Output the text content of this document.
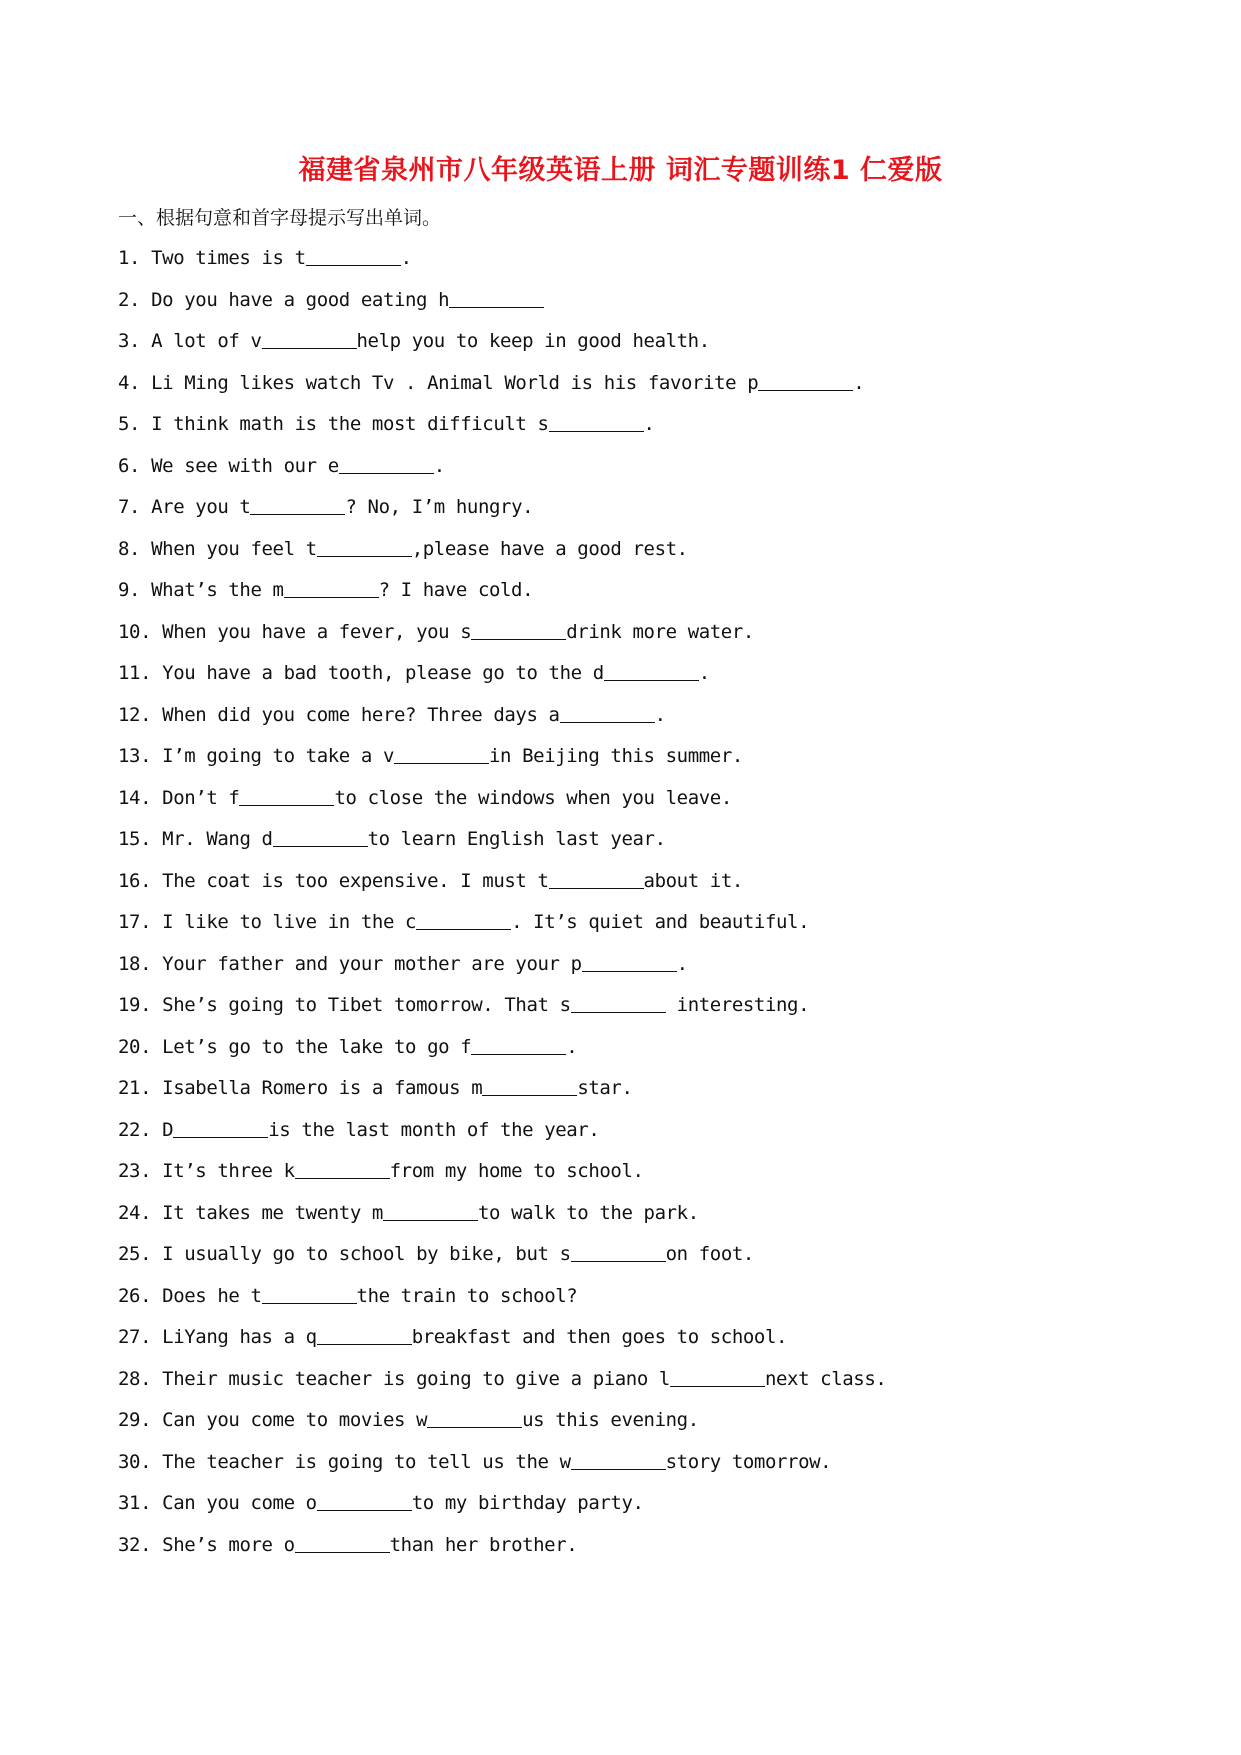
福建省泉州市八年级英语上册 词汇专题训练1 仁爱版
一、根据句意和首字母提示写出单词。
1. Two times is t	.
2. Do you have a good eating h
3. A lot of v	help you to keep in good health.
4. Li Ming likes watch Tv . Animal World is his favorite p	.
5. I think math is the most difficult s	.
6. We see with our e	.
7. Are you t	? No, I’m hungry.
8. When you feel t	,please have a good rest.
9. What’s the m	? I have cold.
10. When you have a fever, you s	drink more water.
11. You have a bad tooth, please go to the d	.
12. When did you come here? Three days a	.
13. I’m going to take a v	in Beijing this summer.
14. Don’t f	to close the windows when you leave.
15. Mr. Wang d	to learn English last year.
16. The coat is too expensive. I must t	about it.
17. I like to live in the c	. It’s quiet and beautiful.
18. Your father and your mother are your p	.
19. She’s going to Tibet tomorrow. That s	interesting.
20. Let’s go to the lake to go f	.
21. Isabella Romero is a famous m	star.
22. D	is the last month of the year.
23. It’s three k	from my home to school.
24. It takes me twenty m	to walk to the park.
25. I usually go to school by bike, but s	on foot.
26. Does he t	the train to school?
27. LiYang has a q	breakfast and then goes to school.
28. Their music teacher is going to give a piano l	next class.
29. Can you come to movies w	us this evening.
30. The teacher is going to tell us the w	story tomorrow.
31. Can you come o	to my birthday party.
32. She’s more o	than her brother.
